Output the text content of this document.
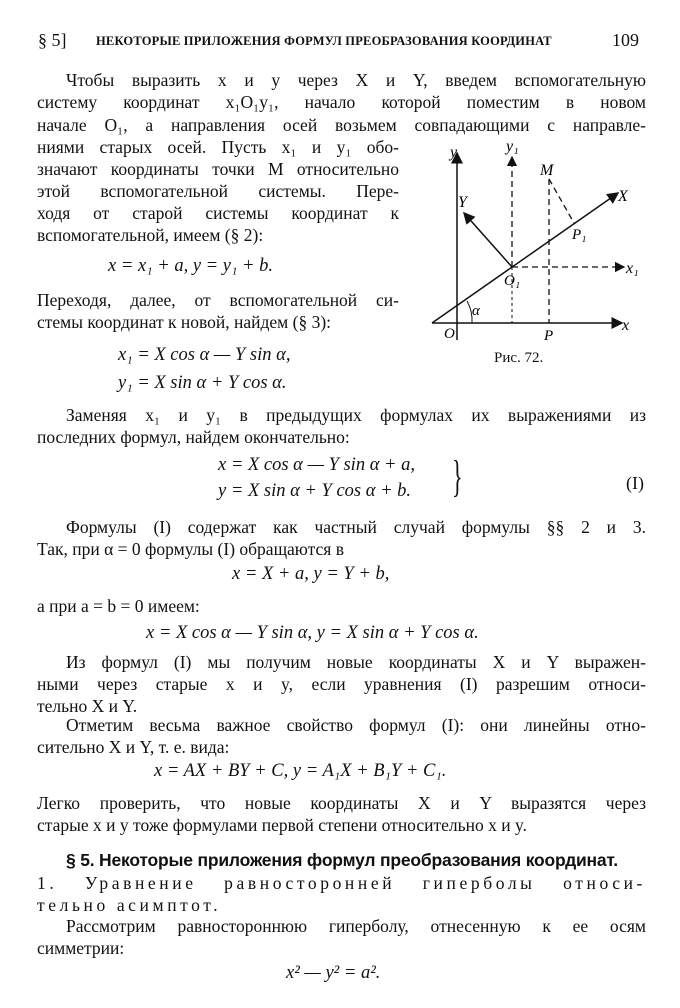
§ 5] НЕКОТОРЫЕ ПРИЛОЖЕНИЯ ФОРМУЛ ПРЕОБРАЗОВАНИЯ КООРДИНАТ	109
Чтобы выразить x и y через X и Y, введем вспомогательную
систему координат x₁O₁y₁, начало которой поместим в новом
начале O₁, а направления осей возьмем совпадающими с направле-
ниями старых осей. Пусть x₁ и y₁ обо-
значают координаты точки M относительно
этой вспомогательной системы. Пере-
ходя от старой системы координат к
вспомогательной, имеем (§ 2):
x = x₁ + a, y = y₁ + b.
Переходя, далее, от вспомогательной си-
стемы координат к новой, найдем (§ 3):
x₁ = X cos α — Y sin α,
y₁ = X sin α + Y cos α.
y	y₁
M
X
Y
P₁
x₁
O₁
α
x
O	P
Рис. 72.
Заменяя x₁ и y₁ в предыдущих формулах их выражениями из
последних формул, найдем окончательно:
x = X cos α — Y sin α + a,
y = X sin α + Y cos α + b. }	(I)
Формулы (I) содержат как частный случай формулы §§ 2 и 3.
Так, при α = 0 формулы (I) обращаются в
x = X + a, y = Y + b,
а при a = b = 0 имеем:
x = X cos α — Y sin α, y = X sin α + Y cos α.
Из формул (I) мы получим новые координаты X и Y выражен-
ными через старые x и y, если уравнения (I) разрешим относи-
тельно X и Y.
Отметим весьма важное свойство формул (I): они линейны отно-
сительно X и Y, т. е. вида:
x = AX + BY + C, y = A₁X + B₁Y + C₁.
Легко проверить, что новые координаты X и Y выразятся через
старые x и y тоже формулами первой степени относительно x и y.
§ 5. Некоторые приложения формул преобразования координат.
1. Уравнение равносторонней гиперболы относи-
тельно асимптот.
Рассмотрим равностороннюю гиперболу, отнесенную к ее осям
симметрии:
x² — y² = a².
